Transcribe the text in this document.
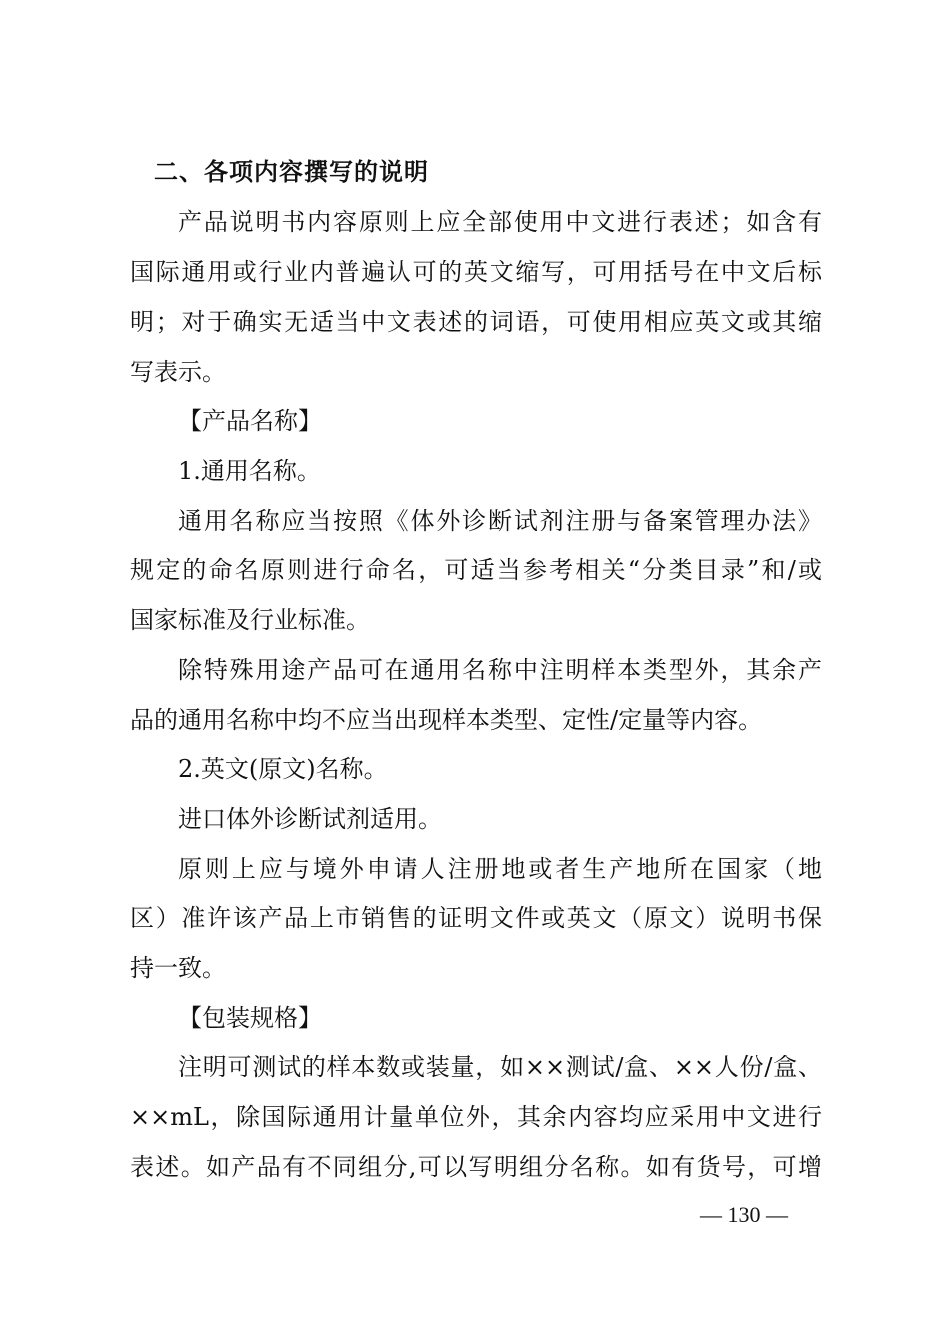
二、各项内容撰写的说明
产品说明书内容原则上应全部使用中文进行表述；如含有
国际通用或行业内普遍认可的英文缩写，可用括号在中文后标
明；对于确实无适当中文表述的词语，可使用相应英文或其缩
写表示。
【产品名称】
1.通用名称。
通用名称应当按照《体外诊断试剂注册与备案管理办法》
规定的命名原则进行命名，可适当参考相关“分类目录”和/或
国家标准及行业标准。
除特殊用途产品可在通用名称中注明样本类型外，其余产
品的通用名称中均不应当出现样本类型、定性/定量等内容。
2.英文(原文)名称。
进口体外诊断试剂适用。
原则上应与境外申请人注册地或者生产地所在国家（地
区）准许该产品上市销售的证明文件或英文（原文）说明书保
持一致。
【包装规格】
注明可测试的样本数或装量，如××测试/盒、××人份/盒、
××mL，除国际通用计量单位外，其余内容均应采用中文进行
表述。如产品有不同组分,可以写明组分名称。如有货号，可增
— 130 —
